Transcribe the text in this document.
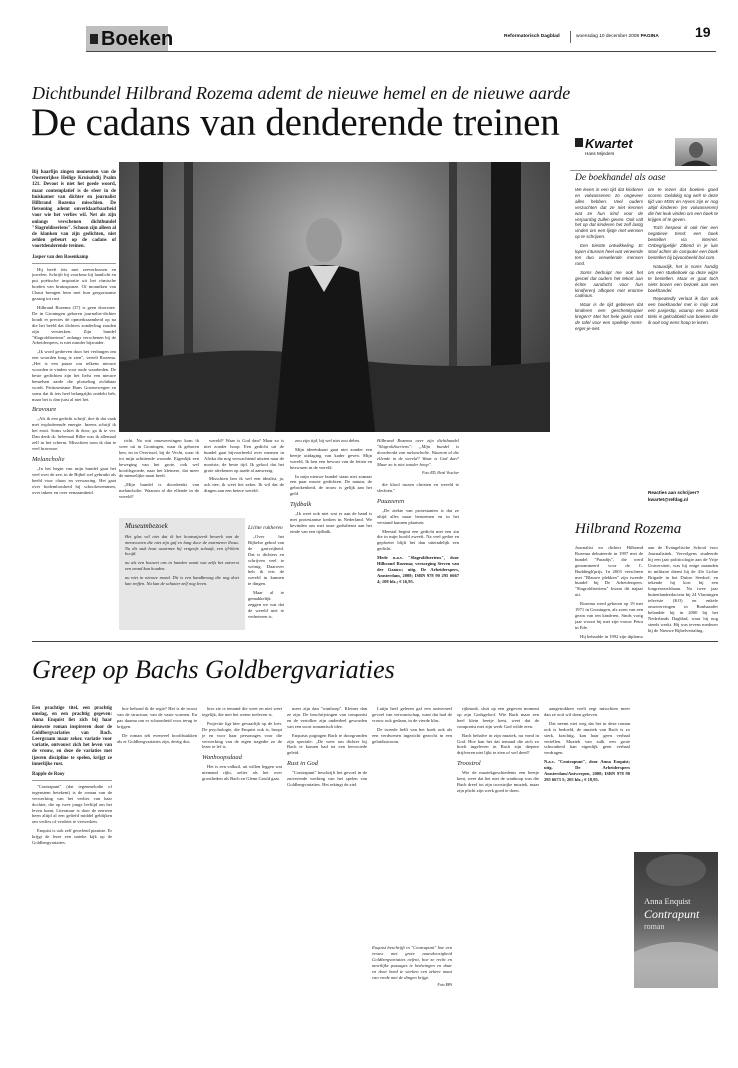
Boeken	Reformatorisch Dagblad	woensdag 10 december 2008 PAGINA	19
Dichtbundel Hilbrand Rozema ademt de nieuwe hemel en de nieuwe aarde
De cadans van denderende treinen

Bij haarfijn zingen momenten van de Oostenrijkse Heilige Kruisabdij Psalm 121. Devoot is niet het goede woord, maar contemplatief is de sfeer in de huiskamer van dichter en journalist Hilbrand Rozema misschien. De fietsoning ademt onverklaarbaarheid voor wie het verlies wil. Net als zijn onlangs verschenen dichtbundel "Slagroldiseriens". Schoon zijn alleen al de klanken van zijn gedichten, niet zelden gebeurt op de cadans of voortdenderende treinen.

Jasper van den Rosenkamp

Hij heeft iets met zeeverbossen en juwelen. Schrijft bij voorkeur bij laanlicht en put poëtische inspiratie uit het römische borden van bruinsponze. Of monniken van Chaut brengen hem met hun gregoriaanse gezang tot rust.

Hilbrand Rozema (37) is geen doorsnee. De in Groningen geboren journalist-dichter houdt er precies de opmerkzaamheid op na die het beeld dat dichters zonderling zouden zijn versterken. Zijn bundel "Slagroldiseriens" onlangs verschenen bij de Arbeiderspers, is niet minder bijzonder.

„Ik word gedreven door het verlangen om een woorden brug te zien", vertelt Rozema. „Het is een pauze om telkens nieuwe woorden te vinden voor oude waarheden. De beste gedichten zijn het liefst een nieuwe hemelsen aarde die plotseling zichtbaar wordt. Psittosmisme Hans Groenewegen en soms dat ik iets heel belangrijks ontdekt heb, maar het is dan juist al niet het.

Bravoure

„Als ik een gedicht schrijf, doe ik dat vaak met exploderende energie. Ineens schrijf ik het eruit. Soms schiet ik door, ga ik te ver. Dan denk ik: helemaal Rilke was ik allemaal zelf in het scherm. Misschien toon ik dan te veel bravoure.

Melancholie

„In het begin van mijn bundel gaat het veel over de zee, in de Bijbel wel gebruikt als beeld voor chaos en verwarring. Het gaat over bodemloosheid bij schoolzwemmen, over inkeer en over eenzaamheid.

richt. Na wat omzwervingen kom ik weer uit in Groningen, waar ik geboren ben, en in Overissel, bij de Vecht, waar ik tot mijn achttiende woonde. Eigenlijk een beweging van het grote, ook wel hoofdsgroede, naar het kleinere, dat meer de menselijke maat heeft.

„Mijn bundel is doordrenkt van melancholie. Waarom al die ellende in de wereld?

Museumbezoek

Het glas wil niet dat ik het houtsnijwerk bewerk van de mensvoeten die niet zijn gaf en lang door de marmeren lhous. Nu dit stuk hout waarmee hij vergeefs schaaft, een ijl-klein hoofd.

nu als een houwet ons in handen waait wat zelfs het zuiverst een mond kan houden.

nu niet in nieuwe mond. Dit is een handbewag die nog doet kan treffen. Nu kan de schutter zelf nog leven.

wereld? Waar is God dan? Maar zo is niet zonder hoop. Een gedicht uit de bundel gaat bijvoorbeeld over mensen in Afrika die nog verwachtend uitzien naar de mooiste, de beste tijd. Ik geloof dat het grote afrekenen op aarde al aanwezig.

Misschien ben ik wel een idealist, ja, ach nee, ik weet het zeker. Ik wil dat de dingen aan een betere wereld.

Lichte rakheren

„Over het Bijbelse gebod van de gastvrijheid. Dat is dichters en schrijven veel te weinig. Daarover heb ik iets de wereld in kunnen te dingen.

Maar al te gemakkelijk zeggen we wat dat de wereld niet te verbeteren is.

zou zijn tijd, bij wel niet zou delen.

Mijn ideeënkaart gaat niet zonder een beetje uitdaging van kader geven. Mijn wereld, Ik ben een bewust van de feiten en bezwaren in de wereld.

In mijn nieuwe bundel staan niet zomaar een paar mooie gedichten. De natuur, de gebrokenheid, de trouw is gelijk aan het geld.

Tijdbalk

„Ik weet ook niet wat er aan de hand is met protestantse kerken in Nederland. We bevinden ons met onze godsdienst aan het einde van een tijdbalk.

Hilbrand Rozema over zijn dichtbundel "Slagroldiseriens": „Mijn bundel is doordrenkt van melancholie. Waarom al die ellende in de wereld? Waar is God dan? Maar zo is niet zonder hoop".

Foto RD, Henk Visscher

die kloof tussen christen en wereld te slechten."

Pauzeeren

„De ziekte van protestanten is dat ze altijd alles maar benoemen en in het verstand kunnen plaatsen.

Meestal begint een gedicht met een zin die in mijn hoofd zweeft. Na veel gedoe en geploeter blijft het dan uiteindelijk een gedicht.

Mede n.a.v. "Slagroldiseriens", door Hilbrand Rozema; verzorging Steven van der Gaauw; uitg. De Arbeiderspers, Amsterdam, 2008; ISBN 978 90 295 6667 4; 108 blz.; € 16,95.

Kwartet
Hans Mijnders
De boekhandel als oase

We leven in een tijd dat kinderen en volwassenen zo ongeveer alles hebben. Veel ouders verzuchten dat ze niet kennen wat ze hun kind voor de verjaardag zullen geven. Ook valt het op dat kinderen het zelf lastig vinden om een lijstje met wensen op te schrijven.

Een triestte ontwikkeling. Er lopen intussen heel wat verwende ten duo verwelende mensen rond.

Soms bedruipt me ook het gevoel dat ouders het tekort aan échte aandacht voor hun kind(eren) afkopen met enorme cadeaus.

Waar is de tijd gebleven dat kinderen een geschenkpapier kregen? Met het hele gezin rond de tafel voor een spelletje mens-erger-je-niet.

om te lezen dat boeken goed scoren. Gelukkig nog wel! In deze tijd van MSN en Hyves zijn er nog altijd kinderen (en volwassenen) die het leuk vinden om een boek te krijgen of te geven.

Toch bespeur ik ook hier een negatieve trend: een boek bestellen via internet. Onbegrijpelijk! Zittend in je luie stoel achter de computer een boek bestellen bij bijvoorbeeld bol.com.

Natuurlijk, het is soms handig om een studieboek op deze wijze te bestellen. Maar er gaat toch niets boven een bezoek aan een boekhandel.

Repeatedly verlaat ik dan ook een boekhandel met in mijn zak een pasjestip, waarop een aantal titels is gekrabbeld van boeken die ik ooit nog eens hoop te lezen.

Reacties aan schrijver?
kwartet@refdag.nl
Hilbrand Rozema

Journalist en dichter Hilbrand Rozema debuteerde in 1997 met de bundel "Paradijs", die werd genomineerd voor de C. Buddingh'prijs. In 2003 verscheen met "Blauwe plekken" zijn tweede bundel bij De Arbeiderspers. "Slagroldiseriens" kwam dit najaar uit.

Rozema werd geboren op 19 mei 1971 in Groningen, als zoon van een gezin van ten kinderen. Sinds vorig jaar woont hij met zijn vrouw Petra in Ede.

Hij behaalde in 1992 zijn diploma

aan de Evangelische School voor Journalistiek. Vervolgens studeerde hij een jaar politicologie aan de Vrije Universiteit, was hij enige maanden in militaire dienst bij de 41e Lichte Brigade in het Duitse Seedorf, en tekende hij kort bij een longresearchbaan. Na twee jaar buitenlandredacteur bij 24 Vlamingen televisie (KO) en enkele omzwervingen in Bonhaarder belandde hij in 2000 bij het Nederlands Dagblad, waar hij nog steeds werkt. Hij was tevens medeoer bij de Nieuwe Bijbelvertaling.

Greep op Bachs Goldbergvariaties

Een prachtige titel, een prachtig omslag, en een prachtig gegeven: Anna Enquist liet zich bij haar nieuwste roman inspireren door de Goldbergvariaties van Bach. Leergraam maar zeker, variatie voor variatie, ontvouwt zich het leven van de vrouw, en deze de variaties met ijzeren discipline te spelen, krijgt ze innerlijke rust.

Rapple de Rooy

"Contrapunt" (dat tegenmelodie of tegenstem betekent) is de roman van de verwerking van het verlies van haar dochter, die op twee jonge leeftijd om het leven komt. Literatuur is door de eeuwen heen altijd al een geliefd middel geblijken om verlies of verdriet te verwerken.

Enquist is ook zelf geoefend pianiste. Er krijgt de lezer een unieke kijk op de Goldbergvariaties.

hoe behoud ik de regie? Het is de troost van de structuur, van de vaste vormen. En pas daarna om er schoonheid voor terug te krijgen.

De roman telt evenveel hoofdstukken als er Goldbergvariaties zijn, dertig dus.

hier zie is iemand die weet en niet weet tegelijk, die met het weten toeleven is.

Projectie ligt hier gevaarlijk op de loer. De psychologie, die Enquist ook is, hoopt je en voor haar personages voor die verwerking van de eigen tragedie zo de lezer te lef is.

Wanhoopsdaad

Het is een valkuil, uit willen leggen wat niemand rijkt, zelier als het over grootheden als Bach en Glenn Gould gaat.

meer zijn dan "wanhoop". Kleiner dan ze zijn. De beschrijvingen van componist en de vertolker zijn onderdeel geworden van een soort romantisch idee.

Enquists pogingen Bach te doorgronden zijn speciale: „De weer om dichter bij Bach te komen had tot een leeswoede geleid.

Rust in God

"Contrapunt" beschrijft het gevoel in de zuiverende werking van het spelen van Goldbergvariaties. Het rekingt de ziel.

Latijn heel geleren gaf een universeel gevoel van verwantschap, want dat had de vrouw ook gedaan, in de vierde klas.

De tweede helft van het boek ook als een verdwenen ingezicht gezocht in een geluidsstroom.

Enquist beschrijft in "Contrapunt" hoe een vrouw met grote nauwkeurigheid Goldbergvariaties oefent, hoe ze recht en moeilijke passages te bedwingen en daar en door hard te werken een zekere maat van vrede met de dingen krijgt.

Foto RPA

rijkmodt, sluit op een gegeven moment op zijn Godsgeloof. Wie Bach maar een heel klein beetje kent, weet dat de componist met zijn werk God wilde eren.

Bach behalve in zijn muziek, nu vond in God. Hoe kan het dat iemand die zich zo hoeft ingeleven in Bach zijn diepere drijfveren niet lijkt te zien of wel deed?

Troostrol

Wie de muziekgeschiedenis een beetje kent, weet dat het niet de wanhoop was die Bach dreef tot zijn troostrijke muziek, maar zijn plicht zijn werk goed te doen.

aangetrokken voelt zegt misschien meer dan ze ooit wil doen geloven.

Dat neemt niet weg dat het in deze roman ook is bedoeld, de muziek van Bach is zo sterk, krachtig, kan haar geen verhaal vertellen. Muziek van zulk een grote schoonheid kan eigenlijk geen verhaal verdragen.

N.a.v. "Contrapunt", door Anna Enquist; uitg. De Arbeiderspers Amsterdam/Antwerpen, 2008; ISBN 978 90 295 6673 5; 205 blz.; € 18,95.

Anna Enquist
Contrapunt
roman
